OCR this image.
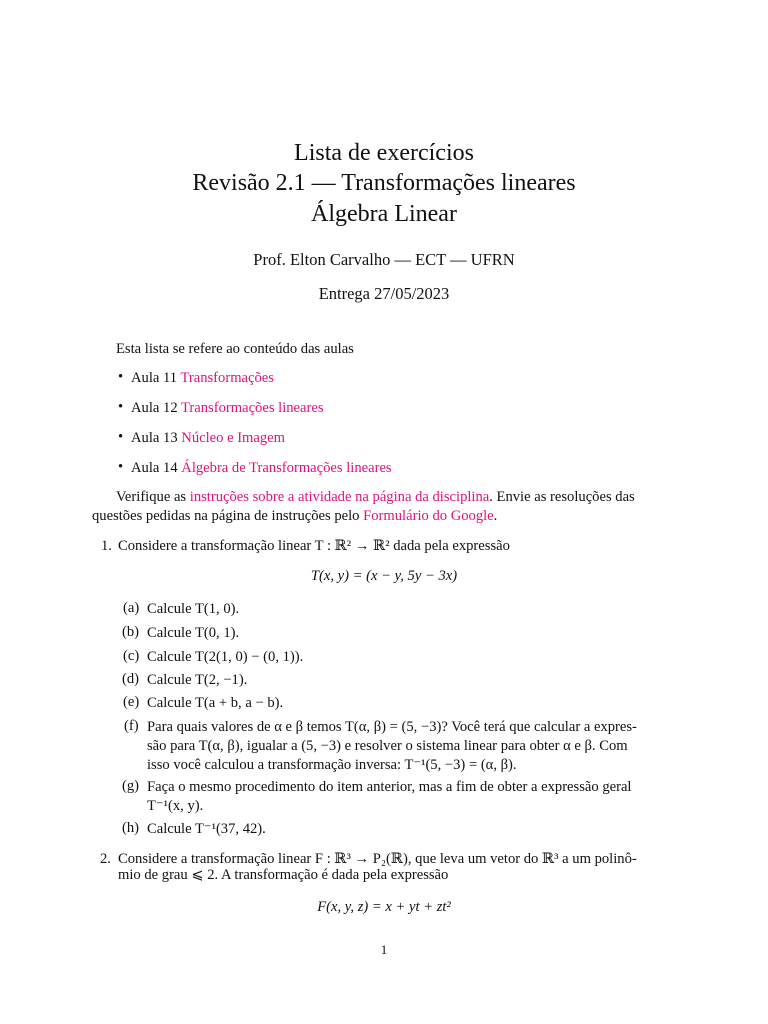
Lista de exercícios
Revisão 2.1 — Transformações lineares
Álgebra Linear
Prof. Elton Carvalho — ECT — UFRN
Entrega 27/05/2023
Esta lista se refere ao conteúdo das aulas
• Aula 11 Transformações
• Aula 12 Transformações lineares
• Aula 13 Núcleo e Imagem
• Aula 14 Álgebra de Transformações lineares
Verifique as instruções sobre a atividade na página da disciplina. Envie as resoluções das
questões pedidas na página de instruções pelo Formulário do Google.
1. Considere a transformação linear T : ℝ² → ℝ² dada pela expressão
T(x, y) = (x − y, 5y − 3x)
(a) Calcule T(1, 0).
(b) Calcule T(0, 1).
(c) Calcule T(2(1, 0) − (0, 1)).
(d) Calcule T(2, −1).
(e) Calcule T(a + b, a − b).
(f) Para quais valores de α e β temos T(α, β) = (5, −3)? Você terá que calcular a expres-
são para T(α, β), igualar a (5, −3) e resolver o sistema linear para obter α e β. Com
isso você calculou a transformação inversa: T⁻¹(5, −3) = (α, β).
(g) Faça o mesmo procedimento do item anterior, mas a fim de obter a expressão geral
T⁻¹(x, y).
(h) Calcule T⁻¹(37, 42).
2. Considere a transformação linear F : ℝ³ → P₂(ℝ), que leva um vetor do ℝ³ a um polinô-
mio de grau ⩽ 2. A transformação é dada pela expressão
F(x, y, z) = x + yt + zt²
1
